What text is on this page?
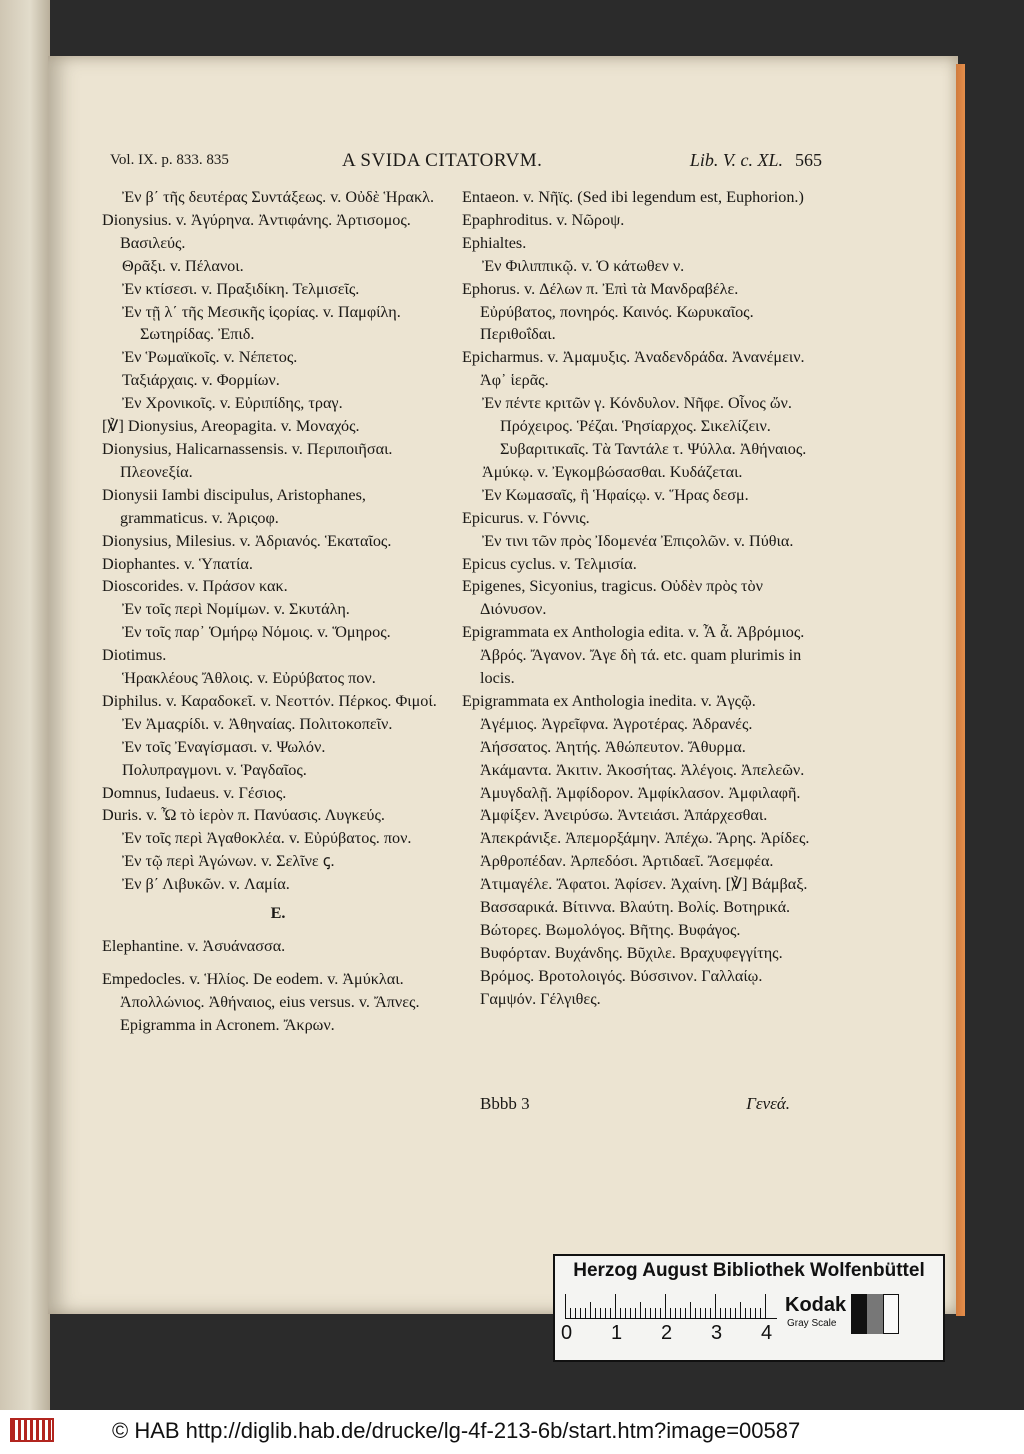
Vol. IX. p. 833. 835	A SVIDA CITATORVM.	Lib. V. c. XL. 565

Ἐν β΄ τῆς δευτέρας Συντάξεως. v. Οὐδὲ Ἡρακλ.

Dionysius. v. Ἀγύρηνα. Ἀντιφάνης. Ἀρτισομος. Βασιλεύς.

Θρᾶξι. v. Πέλανοι.

Ἐν κτίσεσι. v. Πραξιδίκη. Τελμισεῖς.

Ἐν τῇ λ΄ τῆς Μεσικῆς ἱςορίας. v. Παμφίλη. Σωτηρίδας. Ἐπιδ.

Ἐν Ῥωμαϊκοῖς. v. Νέπετος.

Ταξιάρχαις. v. Φορμίων.

Ἐν Χρονικοῖς. v. Εὐριπίδης, τραγ.

[℣] Dionysius, Areopagita. v. Μοναχός.

Dionysius, Halicarnassensis. v. Περιποιῆσαι. Πλεονεξία.

Dionysii Iambi discipulus, Aristophanes, grammaticus. v. Ἀριςοφ.

Dionysius, Milesius. v. Ἀδριανός. Ἑκαταῖος.

Diophantes. v. Ὑπατία.

Dioscorides. v. Πράσον κακ.

Ἐν τοῖς περὶ Νομίμων. v. Σκυτάλη.

Ἐν τοῖς παρ᾽ Ὁμήρῳ Νόμοις. v. Ὅμηρος.

Diotimus.

Ἡρακλέους Ἄθλοις. v. Εὐρύβατος πον.

Diphilus. v. Καραδοκεῖ. v. Νεοττόν. Πέρκος. Φιμοί.

Ἐν Ἀμαςρίδι. v. Ἀθηναίας. Πολιτοκοπεῖν.

Ἐν τοῖς Ἐναγίσμασι. v. Ψωλόν.

Πολυπραγμονι. v. Ῥαγδαῖος.

Domnus, Iudaeus. v. Γέσιος.

Duris. v. Ὦ τὸ ἱερὸν π. Πανύασις. Λυγκεύς.

Ἐν τοῖς περὶ Ἀγαθοκλέα. v. Εὐρύβατος. πον.

Ἐν τῷ περὶ Ἀγώνων. v. Σελῖνε ꞔ.

Ἐν β΄ Λιβυκῶν. v. Λαμία.

E.

Elephantine. v. Ἀσυάνασσα.

Empedocles. v. Ἡλίος. De eodem. v. Ἀμύκλαι. Ἀπολλώνιος. Ἀθήναιος, eius versus. v. Ἄπνες. Epigramma in Acronem. Ἄκρων.

Entaeon. v. Νῆϊς. (Sed ibi legendum est, Euphorion.)

Epaphroditus. v. Νῶροψ.

Ephialtes.

Ἐν Φιλιππικῷ. v. Ὁ κάτωθεν ν.

Ephorus. v. Δέλων π. Ἐπὶ τὰ Μανδραβέλε. Εὐρύβατος, πονηρός. Καινός. Κωρυκαῖος. Περιθοΐδαι.

Epicharmus. v. Ἀμαμυξις. Ἀναδενδράδα. Ἀνανέμειν. Ἀφ᾽ ἱερᾶς.

Ἐν πέντε κριτῶν γ. Κόνδυλον. Νῆφε. Οἶνος ὤν. Πρόχειρος. Ῥέζαι. Ῥησίαρχος. Σικελίζειν. Συβαριτικαῖς. Τὰ Ταντάλε τ. Ψύλλα. Ἀθήναιος.

Ἀμύκῳ. v. Ἐγκομβώσασθαι. Κυδάζεται.

Ἐν Κωμασαῖς, ἢ Ἡφαίςῳ. v. Ἥρας δεσμ.

Epicurus. v. Γόννις.

Ἐν τινι τῶν πρὸς Ἰδομενέα Ἐπιςολῶν. v. Πύθια.

Epicus cyclus. v. Τελμισία.

Epigenes, Sicyonius, tragicus. Οὐδὲν πρὸς τὸν Διόνυσον.

Epigrammata ex Anthologia edita. v. Ἆ ἆ. Ἀβρόμιος. Ἀβρός. Ἄγανον. Ἄγε δὴ τά. etc. quam plurimis in locis.

Epigrammata ex Anthologia inedita. v. Ἀγςῷ. Ἀγέμιος. Ἀγρεῖφνα. Ἀγροτέρας. Ἀδρανές. Ἀήσσατος. Ἀητής. Ἀθώπευτον. Ἄθυρμα. Ἀκάμαντα. Ἀκιτιν. Ἀκοσήτας. Ἀλέγοις. Ἀπελεῶν. Ἀμυγδαλῇ. Ἀμφίδορον. Ἀμφίκλασον. Ἀμφιλαφῆ. Ἀμφίξεν. Ἀνειρύσω. Ἀντειάσι. Ἀπάρχεσθαι. Ἀπεκράνιξε. Ἀπεμορξάμην. Ἀπέχω. Ἄρης. Ἀρίδες. Ἀρθροπέδαν. Ἀρπεδόσι. Ἀρτιδαεῖ. Ἄσεμφέα. Ἀτιμαγέλε. Ἄφατοι. Ἀφίσεν. Ἀχαίνη. [℣] Βάμβαξ. Βασσαρικά. Βίτιννα. Βλαύτη. Βολίς. Βοτηρικά. Βώτορες. Βωμολόγος. Βῆτης. Βυφάγος. Βυφόρταν. Βυχάνδης. Βῦχιλε. Βραχυφεγγίτης. Βρόμος. Βροτολοιγός. Βύσσινον. Γαλλαίῳ. Γαμψόν. Γέλγιθες.

Bbbb 3	Γενεά.
Herzog August Bibliothek Wolfenbüttel
0 1 2 3 4
Kodak
Gray Scale
© HAB http://diglib.hab.de/drucke/lg-4f-213-6b/start.htm?image=00587
